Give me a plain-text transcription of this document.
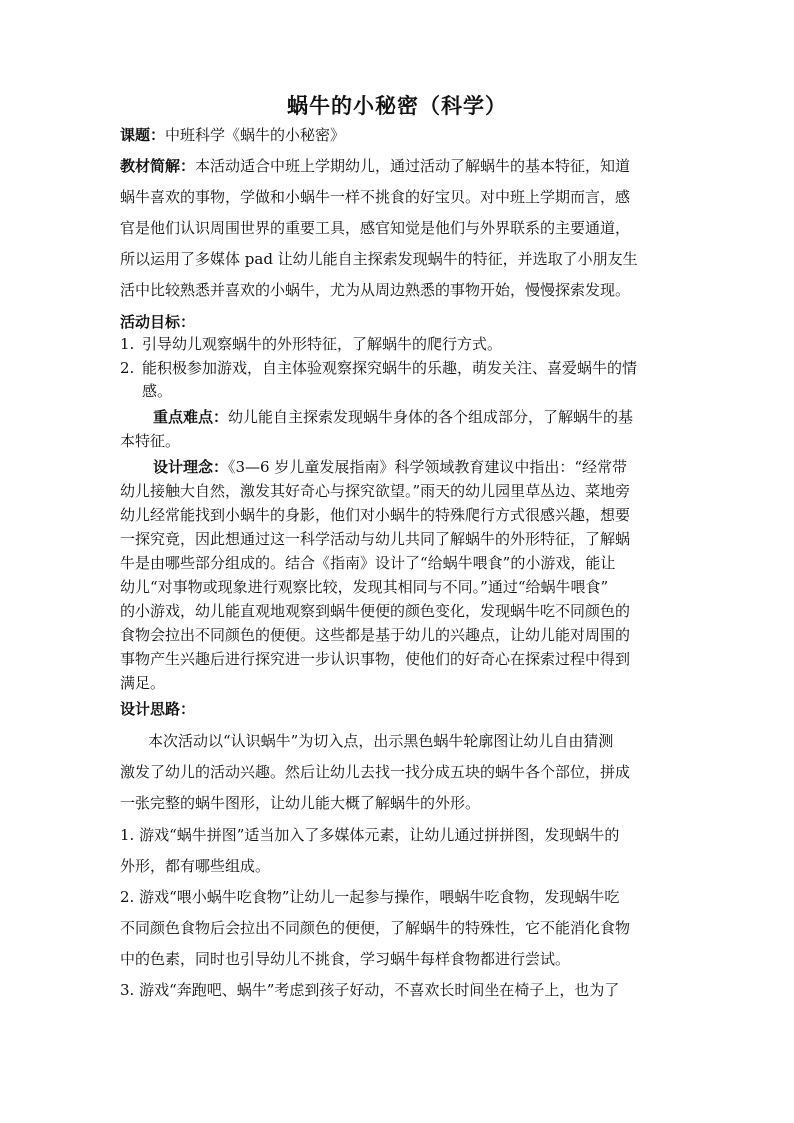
蜗牛的小秘密（科学）
课题：中班科学《蜗牛的小秘密》
教材简解：本活动适合中班上学期幼儿，通过活动了解蜗牛的基本特征，知道
蜗牛喜欢的事物，学做和小蜗牛一样不挑食的好宝贝。对中班上学期而言，感
官是他们认识周围世界的重要工具，感官知觉是他们与外界联系的主要通道，
所以运用了多媒体 pad 让幼儿能自主探索发现蜗牛的特征，并选取了小朋友生
活中比较熟悉并喜欢的小蜗牛，尤为从周边熟悉的事物开始，慢慢探索发现。
活动目标：
1. 引导幼儿观察蜗牛的外形特征，了解蜗牛的爬行方式。
2. 能积极参加游戏，自主体验观察探究蜗牛的乐趣，萌发关注、喜爱蜗牛的情
感。
重点难点：幼儿能自主探索发现蜗牛身体的各个组成部分，了解蜗牛的基
本特征。
设计理念：《3—6 岁儿童发展指南》科学领域教育建议中指出：“经常带
幼儿接触大自然，激发其好奇心与探究欲望。”雨天的幼儿园里草丛边、菜地旁
幼儿经常能找到小蜗牛的身影，他们对小蜗牛的特殊爬行方式很感兴趣，想要
一探究竟，因此想通过这一科学活动与幼儿共同了解蜗牛的外形特征，了解蜗
牛是由哪些部分组成的。结合《指南》设计了“给蜗牛喂食”的小游戏，能让
幼儿“对事物或现象进行观察比较，发现其相同与不同。”通过“给蜗牛喂食”
的小游戏，幼儿能直观地观察到蜗牛便便的颜色变化，发现蜗牛吃不同颜色的
食物会拉出不同颜色的便便。这些都是基于幼儿的兴趣点，让幼儿能对周围的
事物产生兴趣后进行探究进一步认识事物，使他们的好奇心在探索过程中得到
满足。
设计思路：
本次活动以“认识蜗牛”为切入点，出示黑色蜗牛轮廓图让幼儿自由猜测
激发了幼儿的活动兴趣。然后让幼儿去找一找分成五块的蜗牛各个部位，拼成
一张完整的蜗牛图形，让幼儿能大概了解蜗牛的外形。
1. 游戏“蜗牛拼图”适当加入了多媒体元素，让幼儿通过拼拼图，发现蜗牛的
外形，都有哪些组成。
2. 游戏“喂小蜗牛吃食物”让幼儿一起参与操作，喂蜗牛吃食物，发现蜗牛吃
不同颜色食物后会拉出不同颜色的便便，了解蜗牛的特殊性，它不能消化食物
中的色素，同时也引导幼儿不挑食，学习蜗牛每样食物都进行尝试。
3. 游戏“奔跑吧、蜗牛”考虑到孩子好动，不喜欢长时间坐在椅子上，也为了
